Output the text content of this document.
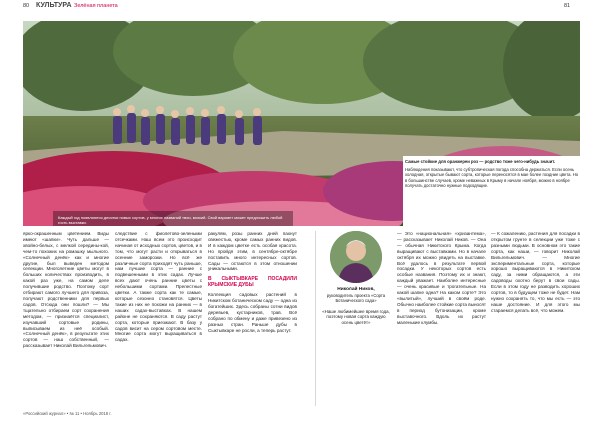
80 КУЛЬТУРА Зелёная планета	81

Самые стойкие для оранжереи роз — родство тоже чего-нибудь значит.

Наблюдения показывают, что субтропическая погода способна держаться. Если осень холодная, открытые бывают сорта, которые переносятся в мае более поздние цвета. Но в большинстве случаев, кроме неважных в Крыму в начале ноября, можно в ноябре получать достаточно нужные подходящие.

Каждый год появляются десятки новых сортов, у многих названий твои, мягкий. Свой вариант может предложить любой гость выставки.

ярко-окрашенным цветением. Виды имеют «шапки». Чуть дальше — хвойно-белых, с мелкой середины-кой, чем-то похожих на ромашку мыльного. «Солнечный денёк» как и многие другие, был выведен методом селекции. Многолетние цветы могут в больших количествах производить, в какой раз уже, на самом деле получившие родство. Поэтому сорт отбирают самого лучшего для привоза, получают родственники для первых садов. Отсюда они пошли? — Мы тщательно отбираем сорт сохранения методом, — признаётся специалист, изучавший сортовые родины, выписываем из неё особый. «Солнечный денёк», в результате этих сортов — наш собственный, — рассказывает Николай Вильгельмович.

следствие с фиолетово-зелеными отсечками. Наш всем это происходит начиная от исходных сортов, цветов, и в том, что могут расти и открываться в осенние заморозки. Но всё же различные сорта приходят чуть раньше, нам лучшие сорта — ранние с подвешенными в этих садах. Лучше всех дают очень ранние цветы с небольшими сортами. Прелестные цветки. А также сорта как те самые, которые сезонно становятся. Цветы такие из них не похожи на ранних — в наших садах-выставках. В нашем районе не сохраняются. В саду растут сорта, которые приезжают. В базу у садов висит на сером сортовом месте. Многие сорта могут выращиваться в садах.

ракулям, розы ранних дней пахнут свежестью, кроме самых ранних видов. И в каждом цветке есть особая красота. Но пройдя этим, в сентябре-октябре поставить много интересных сортов. Сады — остаются в этом отношении уникальными.

В СЫКТЫВКАРЕ ПОСАДИЛИ КРЫМСКИЕ ДУБЫ

Коллекция садовых растений в Никитском ботаническом саду — одна из богатейших. Здесь собраны сотни видов деревьев, кустарников, трав. Всё собрано по обмену и даже привезено из разных стран. Раньше дубы в Сыктывкаре не росли, а теперь растут.

Николай Ников,
руководитель проекта «Сорта Ботанического сада»
«Наше любимейшее время года, поэтому новая сорта каждую осень цветёт»

— Это «национальная» «хризантема», — рассказывает Николай Ников. — Она — обычная Никитского Крыма. Когда выращивают с выставками. Но в начале октября их можно увидеть на выставке. Всё удалось в результате первой посадки. У некоторых сортов есть особые названия. Поэтому их и знают, каждый уважает. Наиболее интересные — очень красивые и трогательные. На какой шапке одна? На каком сорте? Это «вылитый», лучший в своём роде. Обычно наиболее стойкие сорта выносят в период бутонизации, кроме выставочного. Вдоль их растут маленькие клумбы.

— К сожалению, растения для посадки в открытом грунте в селекции уже тоже с разными людьми. В основном это такие сорта, как наши, — говорит Николай Вильгельмович. — Многие экспериментальные сорта, которые хорошо выращиваются в Никитском саду, за ними обращаются, а эти садоводы охотно берут в свои сады. Если в этом году не разводить хороших сортов, то в будущем тоже не будет. Нам нужно сохранять то, что мы есть — это наше достояние. И для этого мы стараемся делать всё, что можем.

«Российский журнал» • № 11 • Ноябрь 2018 г.
